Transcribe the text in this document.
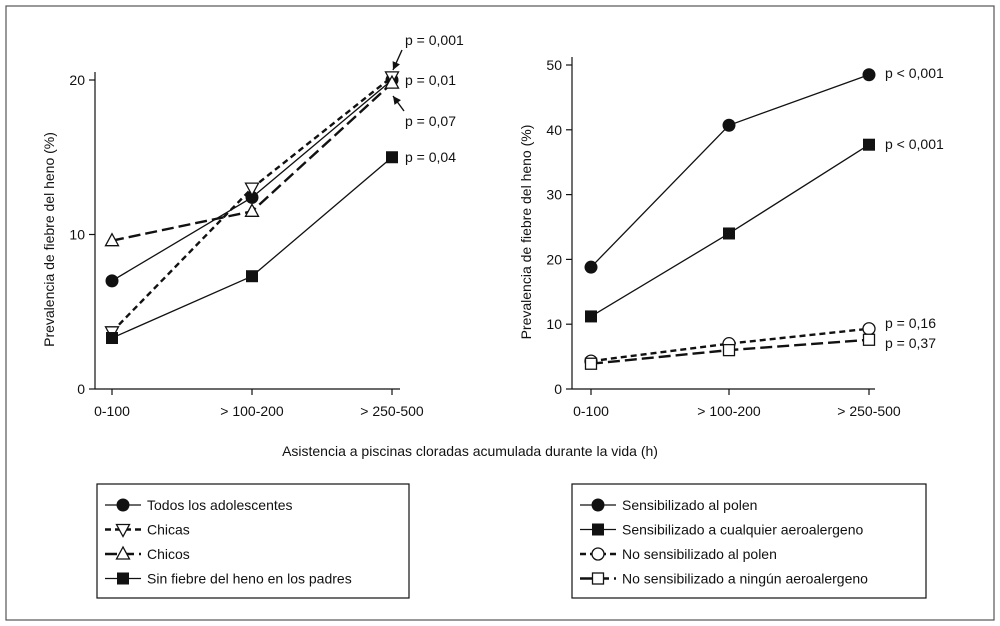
0
10
20
0-100	> 100-200	> 250-500
Prevalencia de fiebre del heno (%)
p = 0,001
p = 0,01
p = 0,07
p = 0,04
0
10
20
30
40
50
0-100	> 100-200	> 250-500
Prevalencia de fiebre del heno (%)
p < 0,001
p < 0,001
p = 0,16
p = 0,37
Asistencia a piscinas cloradas acumulada durante la vida (h)
Todos los adolescentes
Chicas
Chicos
Sin fiebre del heno en los padres
Sensibilizado al polen
Sensibilizado a cualquier aeroalergeno
No sensibilizado al polen
No sensibilizado a ningún aeroalergeno
